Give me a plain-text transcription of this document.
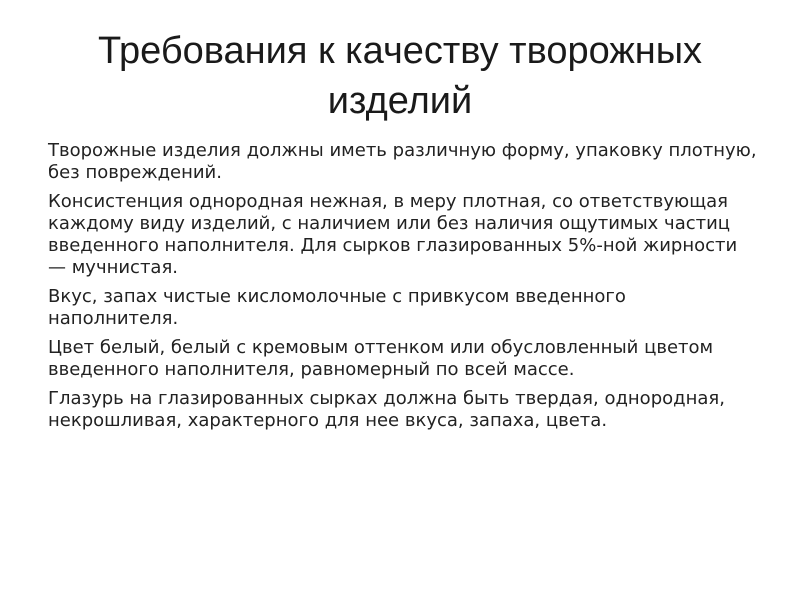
Требования к качеству творожных изделий

Творожные изделия должны иметь различную форму, упаковку плотную, без повреждений.

Консистенция однородная нежная, в меру плотная, со ответствующая каждому виду изделий, с наличием или без наличия ощутимых частиц введенного наполнителя. Для сырков глазированных 5%-ной жирности — мучнистая.

Вкус, запах чистые кисломолочные с привкусом введенного наполнителя.

Цвет белый, белый с кремовым оттенком или обусловленный цветом введенного наполнителя, равномерный по всей массе.

Глазурь на глазированных сырках должна быть твердая, однородная, некрошливая, характерного для нее вкуса, запаха, цвета.
